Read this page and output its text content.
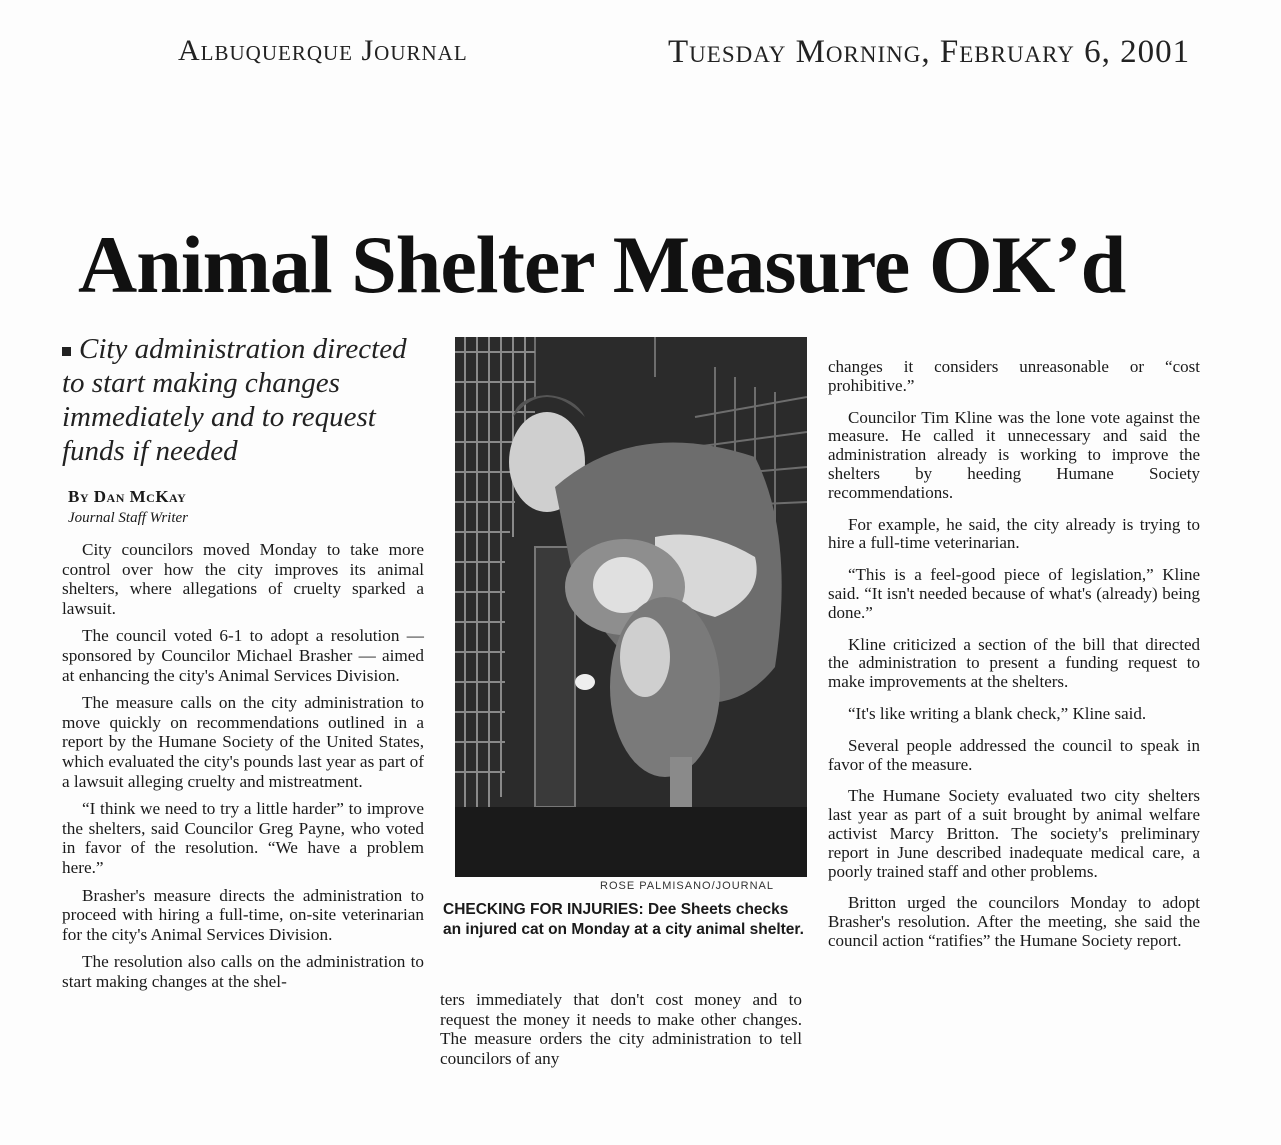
Albuquerque Journal	Tuesday Morning, February 6, 2001
Animal Shelter Measure OK’d
City administration directed to start making changes immediately and to request funds if needed
By Dan McKay
Journal Staff Writer

City councilors moved Monday to take more control over how the city improves its animal shelters, where allegations of cruelty sparked a lawsuit.

The council voted 6-1 to adopt a resolution — sponsored by Councilor Michael Brasher — aimed at enhancing the city's Animal Services Division.

The measure calls on the city administration to move quickly on recommendations outlined in a report by the Humane Society of the United States, which evaluated the city's pounds last year as part of a lawsuit alleging cruelty and mistreatment.

“I think we need to try a little harder” to improve the shelters, said Councilor Greg Payne, who voted in favor of the resolution. “We have a problem here.”

Brasher's measure directs the administration to proceed with hiring a full-time, on-site veterinarian for the city's Animal Services Division.

The resolution also calls on the administration to start making changes at the shel-

ROSE PALMISANO/JOURNAL
CHECKING FOR INJURIES: Dee Sheets checks an injured cat on Monday at a city animal shelter.

ters immediately that don't cost money and to request the money it needs to make other changes. The measure orders the city administration to tell councilors of any

changes it considers unreasonable or “cost prohibitive.”

Councilor Tim Kline was the lone vote against the measure. He called it unnecessary and said the administration already is working to improve the shelters by heeding Humane Society recommendations.

For example, he said, the city already is trying to hire a full-time veterinarian.

“This is a feel-good piece of legislation,” Kline said. “It isn't needed because of what's (already) being done.”

Kline criticized a section of the bill that directed the administration to present a funding request to make improvements at the shelters.

“It's like writing a blank check,” Kline said.

Several people addressed the council to speak in favor of the measure.

The Humane Society evaluated two city shelters last year as part of a suit brought by animal welfare activist Marcy Britton. The society's preliminary report in June described inadequate medical care, a poorly trained staff and other problems.

Britton urged the councilors Monday to adopt Brasher's resolution. After the meeting, she said the council action “ratifies” the Humane Society report.
